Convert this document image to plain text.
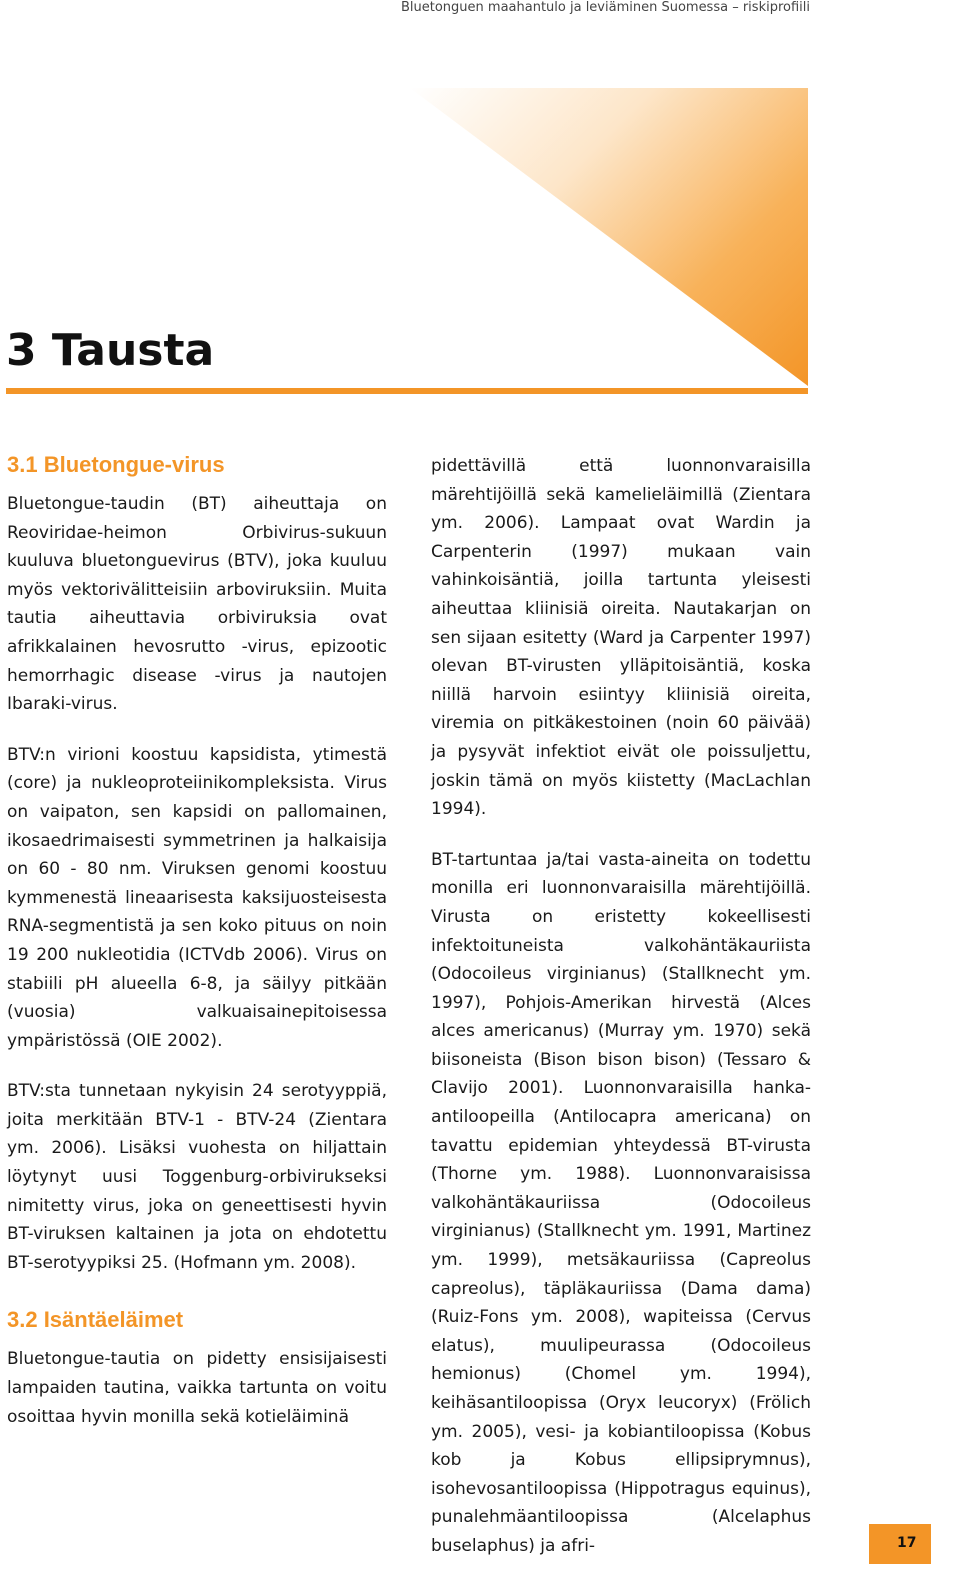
Bluetonguen maahantulo ja leviäminen Suomessa – riskiprofiili
3 Tausta
3.1 Bluetongue-virus

Bluetongue-taudin (BT) aiheuttaja on Reoviridae-heimon Orbivirus-sukuun kuuluva bluetonguevirus (BTV), joka kuuluu myös vektorivälitteisiin arboviruksiin. Muita tautia aiheuttavia orbiviruksia ovat afrikkalainen hevosrutto -virus, epizootic hemorrhagic disease -virus ja nautojen Ibaraki-virus.

BTV:n virioni koostuu kapsidista, ytimestä (core) ja nukleoproteiinikompleksista. Virus on vaipaton, sen kapsidi on pallomainen, ikosaedrimaisesti symmetrinen ja halkaisija on 60 - 80 nm. Viruksen genomi koostuu kymmenestä lineaarisesta kaksijuosteisesta RNA-segmentistä ja sen koko pituus on noin 19 200 nukleotidia (ICTVdb 2006). Virus on stabiili pH alueella 6-8, ja säilyy pitkään (vuosia) valkuaisainepitoisessa ympäristössä (OIE 2002).

BTV:sta tunnetaan nykyisin 24 serotyyppiä, joita merkitään BTV-1 - BTV-24 (Zientara ym. 2006). Lisäksi vuohesta on hiljattain löytynyt uusi Toggenburg-orbivirukseksi nimitetty virus, joka on geneettisesti hyvin BT-viruksen kaltainen ja jota on ehdotettu BT-serotyypiksi 25. (Hofmann ym. 2008).

3.2 Isäntäeläimet

Bluetongue-tautia on pidetty ensisijaisesti lampaiden tautina, vaikka tartunta on voitu osoittaa hyvin monilla sekä kotieläiminä

pidettävillä että luonnonvaraisilla märehtijöillä sekä kamelieläimillä (Zientara ym. 2006). Lampaat ovat Wardin ja Carpenterin (1997) mukaan vain vahinkoisäntiä, joilla tartunta yleisesti aiheuttaa kliinisiä oireita. Nautakarjan on sen sijaan esitetty (Ward ja Carpenter 1997) olevan BT-virusten ylläpitoisäntiä, koska niillä harvoin esiintyy kliinisiä oireita, viremia on pitkäkestoinen (noin 60 päivää) ja pysyvät infektiot eivät ole poissuljettu, joskin tämä on myös kiistetty (MacLachlan 1994).

BT-tartuntaa ja/tai vasta-aineita on todettu monilla eri luonnonvaraisilla märehtijöillä. Virusta on eristetty kokeellisesti infektoituneista valkohäntäkauriista (Odocoileus virginianus) (Stallknecht ym. 1997), Pohjois-Amerikan hirvestä (Alces alces americanus) (Murray ym. 1970) sekä biisoneista (Bison bison bison) (Tessaro & Clavijo 2001). Luonnonvaraisilla hanka-antiloopeilla (Antilocapra americana) on tavattu epidemian yhteydessä BT-virusta (Thorne ym. 1988). Luonnonvaraisissa valkohäntäkauriissa (Odocoileus virginianus) (Stallknecht ym. 1991, Martinez ym. 1999), metsäkauriissa (Capreolus capreolus), täpläkauriissa (Dama dama) (Ruiz-Fons ym. 2008), wapiteissa (Cervus elatus), muulipeurassa (Odocoileus hemionus) (Chomel ym. 1994), keihäsantiloopissa (Oryx leucoryx) (Frölich ym. 2005), vesi- ja kobiantiloopissa (Kobus kob ja Kobus ellipsiprymnus), isohevosantiloopissa (Hippotragus equinus), punalehmäantiloopissa (Alcelaphus buselaphus) ja afri-	17
